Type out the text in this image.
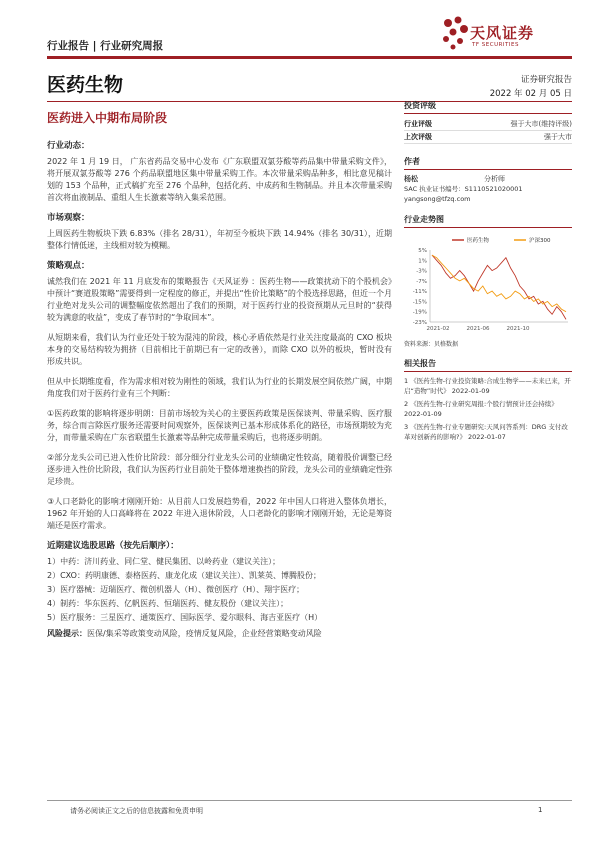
行业报告 | 行业研究周报
天风证券
TF SECURITIES
医药生物	证券研究报告
2022 年 02 月 05 日
医药进入中期布局阶段
行业动态：
2022 年 1 月 19 日， 广东省药品交易中心发布《广东联盟双氯芬酸等药品集中带量采购文件》，将开展双氯芬酸等 276 个药品联盟地区集中带量采购工作。本次带量采购品种多，相比意见稿计划的 153 个品种，正式稿扩充至 276 个品种，包括化药、中成药和生物制品。并且本次带量采购首次将血液制品、重组人生长激素等纳入集采范围。
市场观察：
上周医药生物板块下跌 6.83%（排名 28/31），年初至今板块下跌 14.94%（排名 30/31），近期整体行情低迷，主线相对较为模糊。
策略观点：
诚然我们在 2021 年 11 月底发布的策略报告《天风证券 ：医药生物——政策扰动下的个股机会》中预计“赛道股策略”需要得到一定程度的修正，并提出“性价比策略”的个股选择思路，但近一个月行业绝对龙头公司的调整幅度依然超出了我们的预期，对于医药行业的投资预期从元旦时的“获得较为满意的收益”，变成了春节时的“争取回本”。
从短期来看，我们认为行业还处于较为混沌的阶段，核心矛盾依然是行业关注度最高的 CXO 板块本身的交易结构较为拥挤（目前相比于前期已有一定的改善），而除 CXO 以外的板块，暂时没有形成共识。
但从中长期维度看，作为需求相对较为刚性的领域，我们认为行业的长期发展空间依然广阔，中期角度我们对于医药行业有三个判断：
①医药政策的影响将逐步明朗：目前市场较为关心的主要医药政策是医保谈判、带量采购、医疗服务，综合而言除医疗服务还需要时间观察外，医保谈判已基本形成体系化的路径，市场预期较为充分，而带量采购在广东省联盟生长激素等品种完成带量采购后，也将逐步明朗。
②部分龙头公司已进入性价比阶段：部分细分行业龙头公司的业绩确定性较高，随着股价调整已经逐步进入性价比阶段，我们认为医药行业目前处于整体增速换挡的阶段，龙头公司的业绩确定性弥足珍贵。
③人口老龄化的影响才刚刚开始：从目前人口发展趋势看，2022 年中国人口将进入整体负增长，1962 年开始的人口高峰将在 2022 年进入退休阶段，人口老龄化的影响才刚刚开始，无论是筹资端还是医疗需求。
近期建议选股思路（按先后顺序）：
1）中药：济川药业、同仁堂、健民集团、以岭药业（建议关注）；
2）CXO：药明康德、泰格医药、康龙化成（建议关注）、凯莱英、博腾股份；
3）医疗器械：迈瑞医疗、微创机器人（H）、微创医疗（H）、翔宇医疗；
4）制药：华东医药、亿帆医药、恒瑞医药、健友股份（建议关注）；
5）医疗服务：三星医疗、通策医疗、国际医学、爱尔眼科、海吉亚医疗（H）
风险提示：医保/集采等政策变动风险，疫情反复风险，企业经营策略变动风险
投资评级
行业评级	强于大市(维持评级)
上次评级	强于大市
作者
杨松	分析师
SAC 执业证书编号：S1110521020001
yangsong@tfzq.com
行业走势图
5%
1%
-3%
-7%
-11%
-15%
-19%
-23%
2021-02	2021-06	2021-10
医药生物	沪深300
资料来源：贝格数据
相关报告
1 《医药生物-行业投资策略:合成生物学——未来已来，开启“造物”时代》 2022-01-09
2 《医药生物-行业研究周报:个股行情预计还会持续》 2022-01-09
3 《医药生物-行业专题研究:天风问答系列：DRG 支付改革对创新药的影响?》 2022-01-07
请务必阅读正文之后的信息披露和免责申明	1
